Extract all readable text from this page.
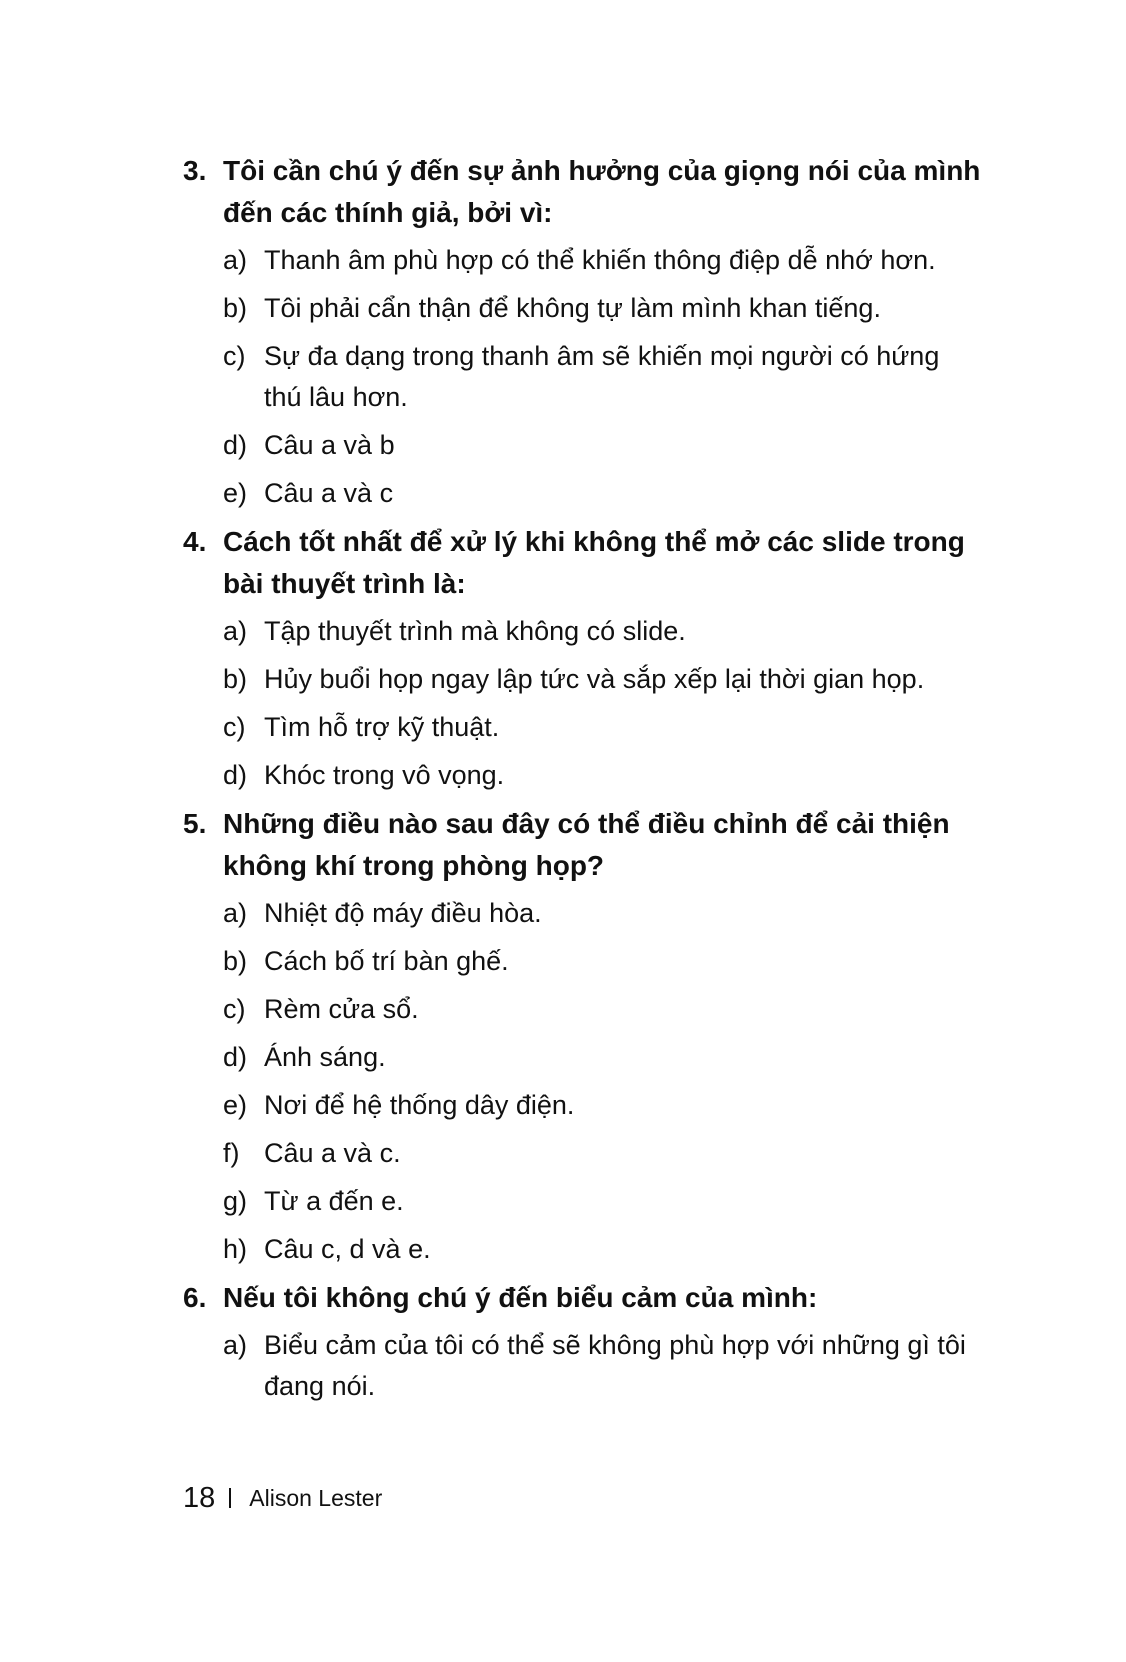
3. Tôi cần chú ý đến sự ảnh hưởng của giọng nói của mình đến các thính giả, bởi vì:
a) Thanh âm phù hợp có thể khiến thông điệp dễ nhớ hơn.
b) Tôi phải cẩn thận để không tự làm mình khan tiếng.
c) Sự đa dạng trong thanh âm sẽ khiến mọi người có hứng thú lâu hơn.
d) Câu a và b
e) Câu a và c
4. Cách tốt nhất để xử lý khi không thể mở các slide trong bài thuyết trình là:
a) Tập thuyết trình mà không có slide.
b) Hủy buổi họp ngay lập tức và sắp xếp lại thời gian họp.
c) Tìm hỗ trợ kỹ thuật.
d) Khóc trong vô vọng.
5. Những điều nào sau đây có thể điều chỉnh để cải thiện không khí trong phòng họp?
a) Nhiệt độ máy điều hòa.
b) Cách bố trí bàn ghế.
c) Rèm cửa sổ.
d) Ánh sáng.
e) Nơi để hệ thống dây điện.
f) Câu a và c.
g) Từ a đến e.
h) Câu c, d và e.
6. Nếu tôi không chú ý đến biểu cảm của mình:
a) Biểu cảm của tôi có thể sẽ không phù hợp với những gì tôi đang nói.
18 Alison Lester
